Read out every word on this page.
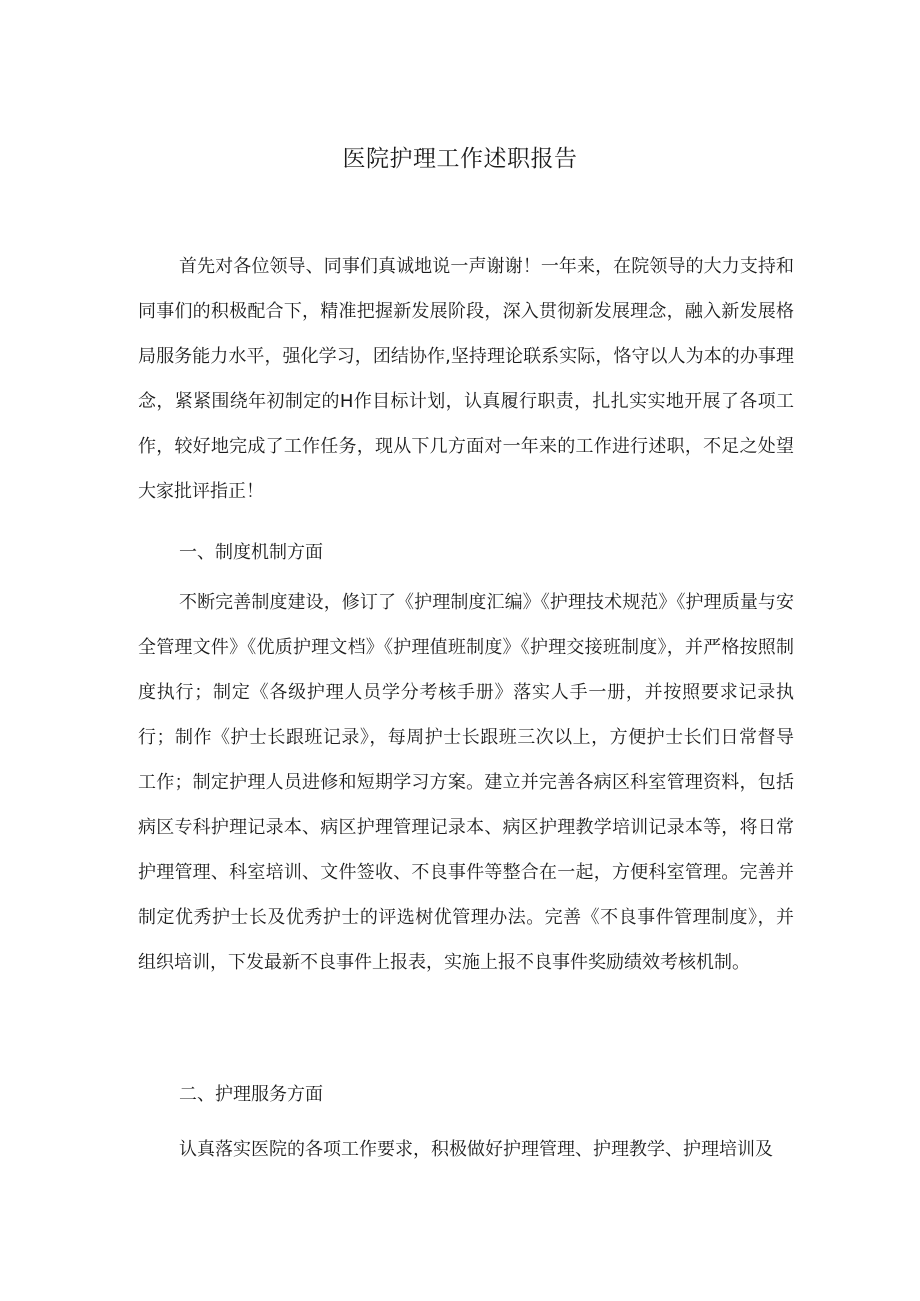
医院护理工作述职报告

首先对各位领导、同事们真诚地说一声谢谢！一年来，在院领导的大力支持和同事们的积极配合下，精准把握新发展阶段，深入贯彻新发展理念，融入新发展格局服务能力水平，强化学习，团结协作,坚持理论联系实际，恪守以人为本的办事理念，紧紧围绕年初制定的H作目标计划，认真履行职责，扎扎实实地开展了各项工作，较好地完成了工作任务，现从下几方面对一年来的工作进行述职，不足之处望大家批评指正！

一、制度机制方面

不断完善制度建设，修订了《护理制度汇编》《护理技术规范》《护理质量与安全管理文件》《优质护理文档》《护理值班制度》《护理交接班制度》，并严格按照制度执行；制定《各级护理人员学分考核手册》落实人手一册，并按照要求记录执行；制作《护士长跟班记录》，每周护士长跟班三次以上，方便护士长们日常督导工作；制定护理人员进修和短期学习方案。建立并完善各病区科室管理资料，包括病区专科护理记录本、病区护理管理记录本、病区护理教学培训记录本等，将日常护理管理、科室培训、文件签收、不良事件等整合在一起，方便科室管理。完善并制定优秀护士长及优秀护士的评选树优管理办法。完善《不良事件管理制度》，并组织培训，下发最新不良事件上报表，实施上报不良事件奖励绩效考核机制。

二、护理服务方面

认真落实医院的各项工作要求，积极做好护理管理、护理教学、护理培训及
